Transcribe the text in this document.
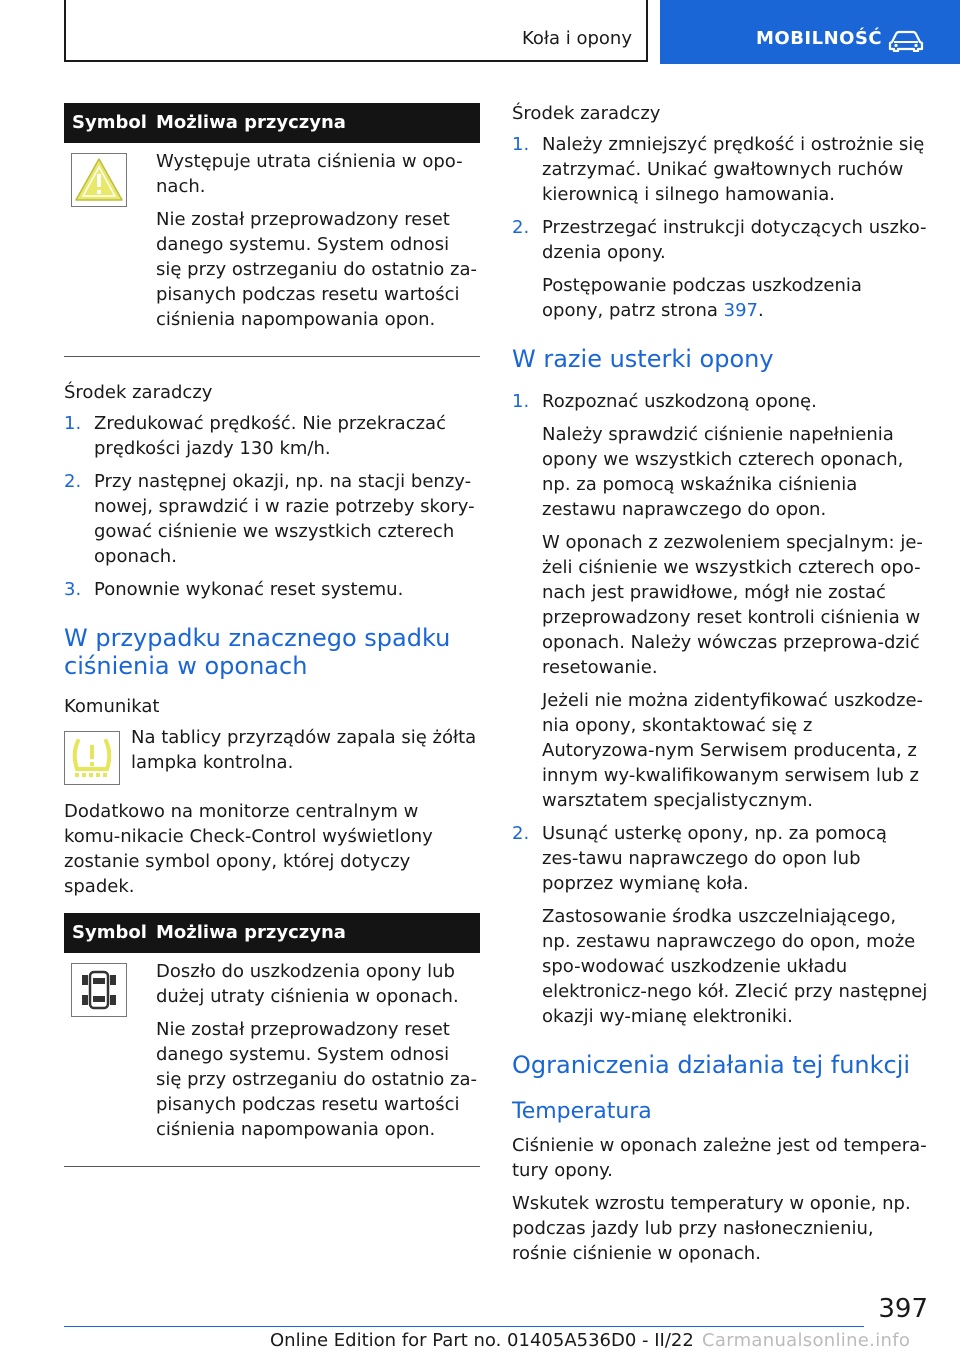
Koła i opony	MOBILNOŚĆ
Symbol Możliwa przyczyna

Występuje utrata ciśnienia w opo-nach.

Nie został przeprowadzony reset danego systemu. System odnosi się przy ostrzeganiu do ostatnio za-pisanych podczas resetu wartości ciśnienia napompowania opon.

Środek zaradczy
1. Zredukować prędkość. Nie przekraczać prędkości jazdy 130 km/h.
2. Przy następnej okazji, np. na stacji benzy-nowej, sprawdzić i w razie potrzeby skory-gować ciśnienie we wszystkich czterech oponach.
3. Ponownie wykonać reset systemu.
W przypadku znacznego spadku ciśnienia w oponach
Komunikat

Na tablicy przyrządów zapala się żółta lampka kontrolna.

Dodatkowo na monitorze centralnym w komu-nikacie Check-Control wyświetlony zostanie symbol opony, której dotyczy spadek.

Symbol Możliwa przyczyna

Doszło do uszkodzenia opony lub dużej utraty ciśnienia w oponach.

Nie został przeprowadzony reset danego systemu. System odnosi się przy ostrzeganiu do ostatnio za-pisanych podczas resetu wartości ciśnienia napompowania opon.

Środek zaradczy
1. Należy zmniejszyć prędkość i ostrożnie się zatrzymać. Unikać gwałtownych ruchów kierownicą i silnego hamowania.
2. Przestrzegać instrukcji dotyczących uszko-dzenia opony.

Postępowanie podczas uszkodzenia opony, patrz strona 397.

W razie usterki opony
1. Rozpoznać uszkodzoną oponę.

Należy sprawdzić ciśnienie napełnienia opony we wszystkich czterech oponach, np. za pomocą wskaźnika ciśnienia zestawu naprawczego do opon.

W oponach z zezwoleniem specjalnym: je-żeli ciśnienie we wszystkich czterech opo-nach jest prawidłowe, mógł nie zostać przeprowadzony reset kontroli ciśnienia w oponach. Należy wówczas przeprowa-dzić resetowanie.

Jeżeli nie można zidentyfikować uszkodze-nia opony, skontaktować się z Autoryzowa-nym Serwisem producenta, z innym wy-kwalifikowanym serwisem lub z warsztatem specjalistycznym.

2. Usunąć usterkę opony, np. za pomocą zes-tawu naprawczego do opon lub poprzez wymianę koła.

Zastosowanie środka uszczelniającego, np. zestawu naprawczego do opon, może spo-wodować uszkodzenie układu elektronicz-nego kół. Zlecić przy następnej okazji wy-mianę elektroniki.

Ograniczenia działania tej funkcji
Temperatura

Ciśnienie w oponach zależne jest od tempera-tury opony.

Wskutek wzrostu temperatury w oponie, np. podczas jazdy lub przy nasłonecznieniu, rośnie ciśnienie w oponach.

397
Online Edition for Part no. 01405A536D0 - II/22 Carmanualsonline.info
